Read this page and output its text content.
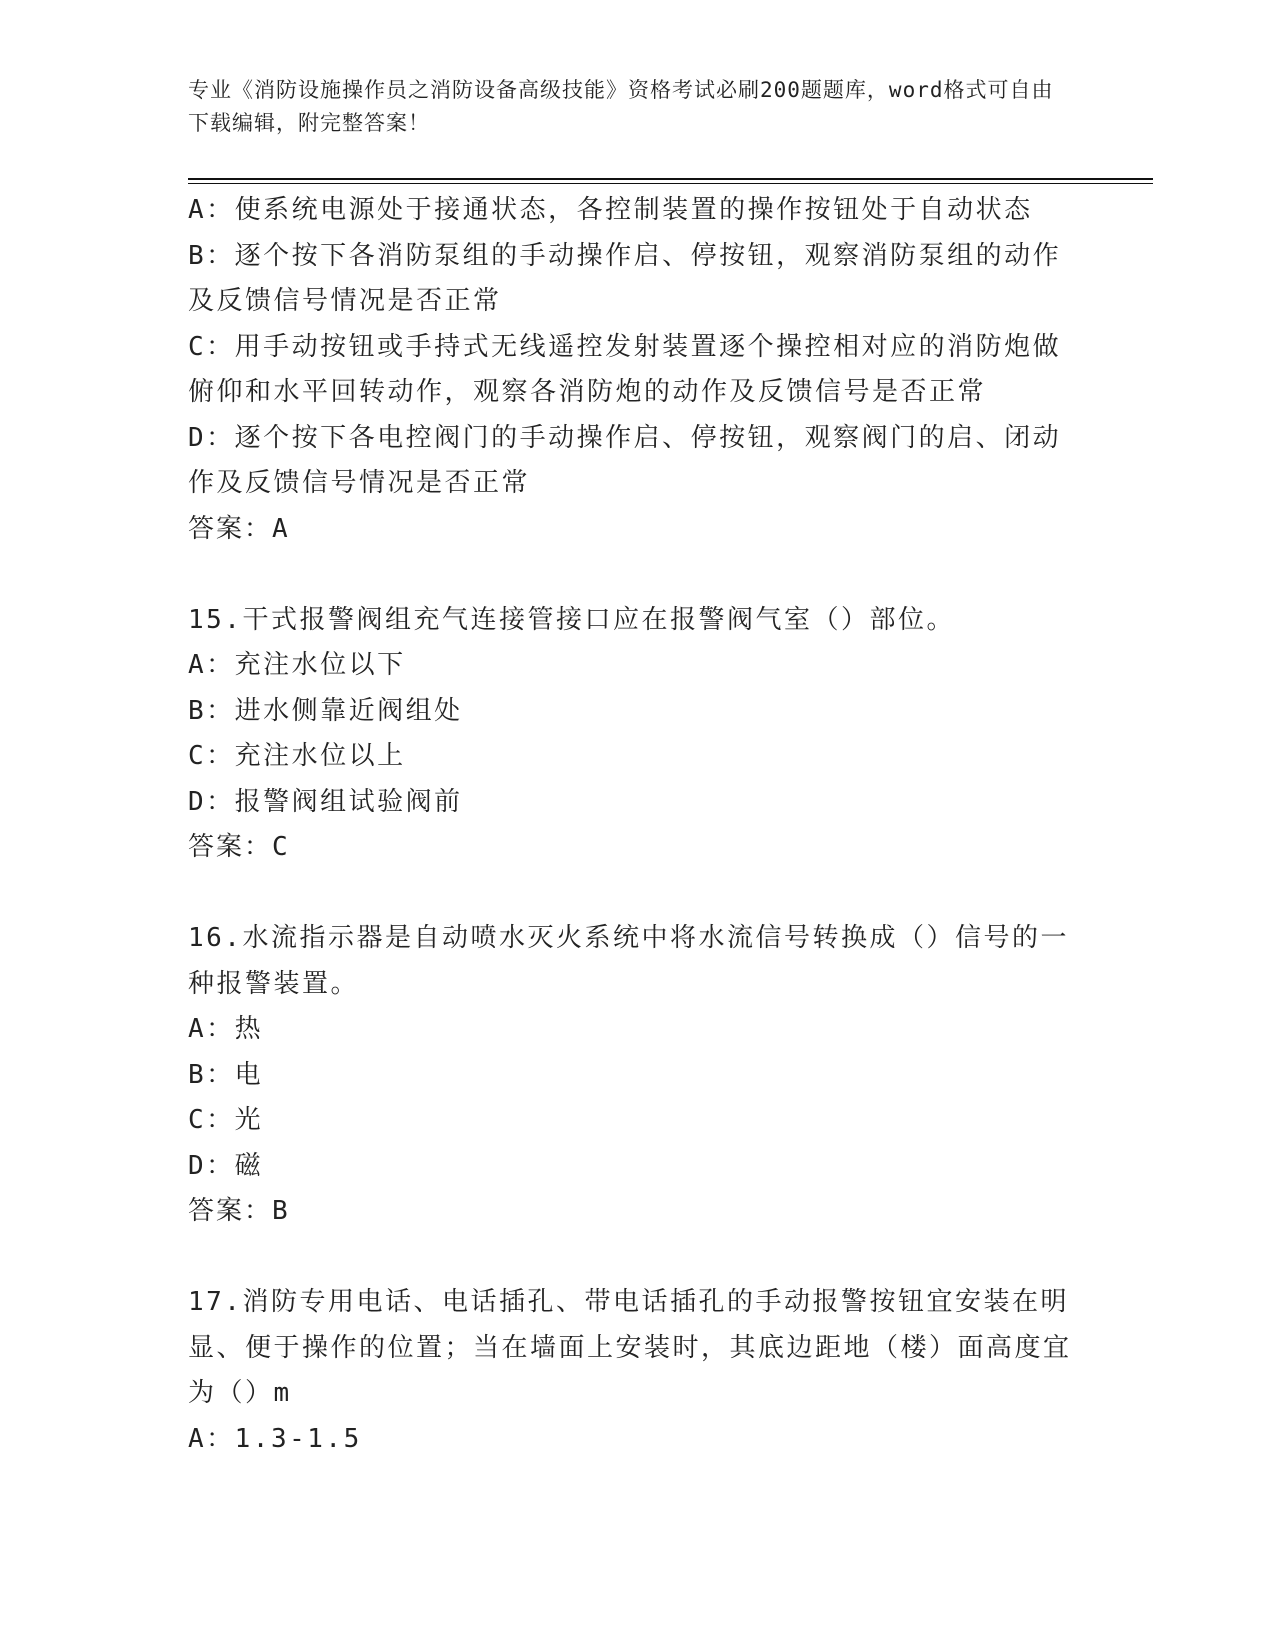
专业《消防设施操作员之消防设备高级技能》资格考试必刷200题题库，word格式可自由下载编辑，附完整答案！

A：使系统电源处于接通状态，各控制装置的操作按钮处于自动状态

B：逐个按下各消防泵组的手动操作启、停按钮，观察消防泵组的动作及反馈信号情况是否正常

C：用手动按钮或手持式无线遥控发射装置逐个操控相对应的消防炮做俯仰和水平回转动作，观察各消防炮的动作及反馈信号是否正常

D：逐个按下各电控阀门的手动操作启、停按钮，观察阀门的启、闭动作及反馈信号情况是否正常

答案：A

15.干式报警阀组充气连接管接口应在报警阀气室（）部位。

A：充注水位以下

B：进水侧靠近阀组处

C：充注水位以上

D：报警阀组试验阀前

答案：C

16.水流指示器是自动喷水灭火系统中将水流信号转换成（）信号的一种报警装置。

A：热

B：电

C：光

D：磁

答案：B

17.消防专用电话、电话插孔、带电话插孔的手动报警按钮宜安装在明显、便于操作的位置；当在墙面上安装时，其底边距地（楼）面高度宜为（）m

A：1.3-1.5
